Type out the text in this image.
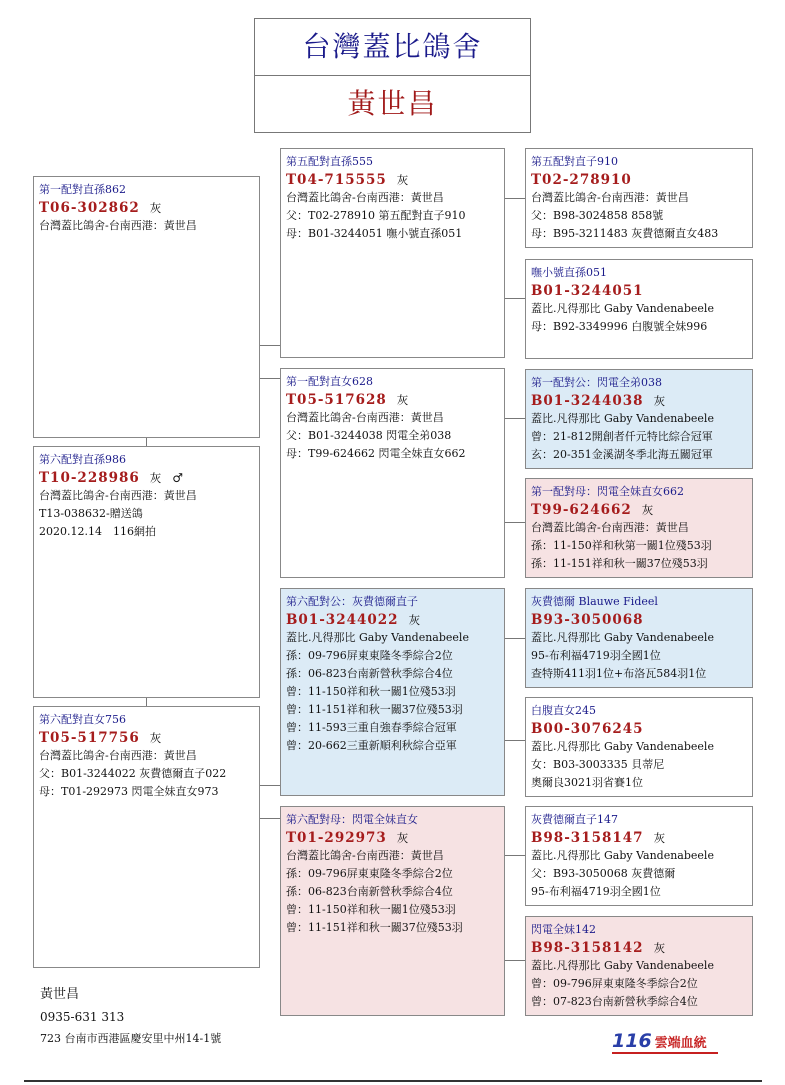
台灣蓋比鴿舍
黃世昌
第一配對直孫862
T06-302862 灰
台灣蓋比鴿舍-台南西港：黃世昌
第六配對直孫986
T10-228986 灰 ♂
台灣蓋比鴿舍-台南西港：黃世昌
T13-038632-贈送鴿
2020.12.14　116網拍
第六配對直女756
T05-517756 灰
台灣蓋比鴿舍-台南西港：黃世昌
父：B01-3244022 灰費德爾直子022
母：T01-292973 閃電全妹直女973
第五配對直孫555
T04-715555 灰
台灣蓋比鴿舍-台南西港：黃世昌
父：T02-278910 第五配對直子910
母：B01-3244051 嘸小號直孫051
第一配對直女628
T05-517628 灰
台灣蓋比鴿舍-台南西港：黃世昌
父：B01-3244038 閃電全弟038
母：T99-624662 閃電全妹直女662
第六配對公：灰費德爾直子
B01-3244022 灰
蓋比.凡得那比 Gaby Vandenabeele
孫：09-796屏東東隆冬季綜合2位
孫：06-823台南新營秋季綜合4位
曾：11-150祥和秋一關1位殘53羽
曾：11-151祥和秋一關37位殘53羽
曾：11-593三重自強春季綜合冠軍
曾：20-662三重新順利秋綜合亞軍
第六配對母：閃電全妹直女
T01-292973 灰
台灣蓋比鴿舍-台南西港：黃世昌
孫：09-796屏東東隆冬季綜合2位
孫：06-823台南新營秋季綜合4位
曾：11-150祥和秋一關1位殘53羽
曾：11-151祥和秋一關37位殘53羽
第五配對直子910
T02-278910
台灣蓋比鴿舍-台南西港：黃世昌
父：B98-3024858 858號
母：B95-3211483 灰費德爾直女483
嘸小號直孫051
B01-3244051
蓋比.凡得那比 Gaby Vandenabeele
母：B92-3349996 白腹號全妹996
第一配對公：閃電全弟038
B01-3244038 灰
蓋比.凡得那比 Gaby Vandenabeele
曾：21-812開創者仟元特比綜合冠軍
玄：20-351金溪湖冬季北海五關冠軍
第一配對母：閃電全妹直女662
T99-624662 灰
台灣蓋比鴿舍-台南西港：黃世昌
孫：11-150祥和秋第一關1位殘53羽
孫：11-151祥和秋一關37位殘53羽
灰費德爾 Blauwe Fideel
B93-3050068
蓋比.凡得那比 Gaby Vandenabeele
95-布利福4719羽全國1位
查特斯411羽1位+布洛瓦584羽1位
白腹直女245
B00-3076245
蓋比.凡得那比 Gaby Vandenabeele
女：B03-3003335 貝蒂尼
奧爾良3021羽省賽1位
灰費德爾直子147
B98-3158147 灰
蓋比.凡得那比 Gaby Vandenabeele
父：B93-3050068 灰費德爾
95-布利福4719羽全國1位
閃電全妹142
B98-3158142 灰
蓋比.凡得那比 Gaby Vandenabeele
曾：09-796屏東東隆冬季綜合2位
曾：07-823台南新營秋季綜合4位
黃世昌
0935-631 313
723 台南市西港區慶安里中州14-1號	116 雲端血統
